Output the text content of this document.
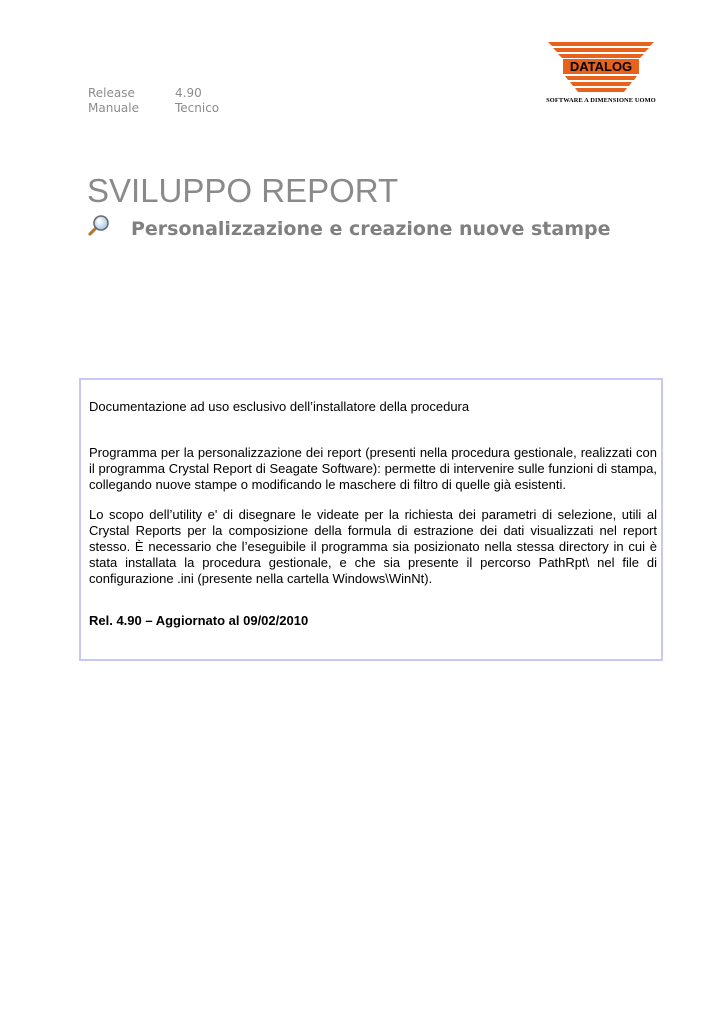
Release	4.90
Manuale	Tecnico
DATALOG
SOFTWARE A DIMENSIONE UOMO
SVILUPPO REPORT
Personalizzazione e creazione nuove stampe

Documentazione ad uso esclusivo dell’installatore della procedura

Programma per la personalizzazione dei report (presenti nella procedura gestionale, realizzati con il programma Crystal Report di Seagate Software): permette di intervenire sulle funzioni di stampa, collegando nuove stampe o modificando le maschere di filtro di quelle già esistenti.

Lo scopo dell’utility e' di disegnare le videate per la richiesta dei parametri di selezione, utili al Crystal Reports per la composizione della formula di estrazione dei dati visualizzati nel report stesso. È necessario che l’eseguibile il programma sia posizionato nella stessa directory in cui è stata installata la procedura gestionale, e che sia presente il percorso PathRpt\ nel file di configurazione .ini (presente nella cartella Windows\WinNt).

Rel. 4.90 – Aggiornato al 09/02/2010
